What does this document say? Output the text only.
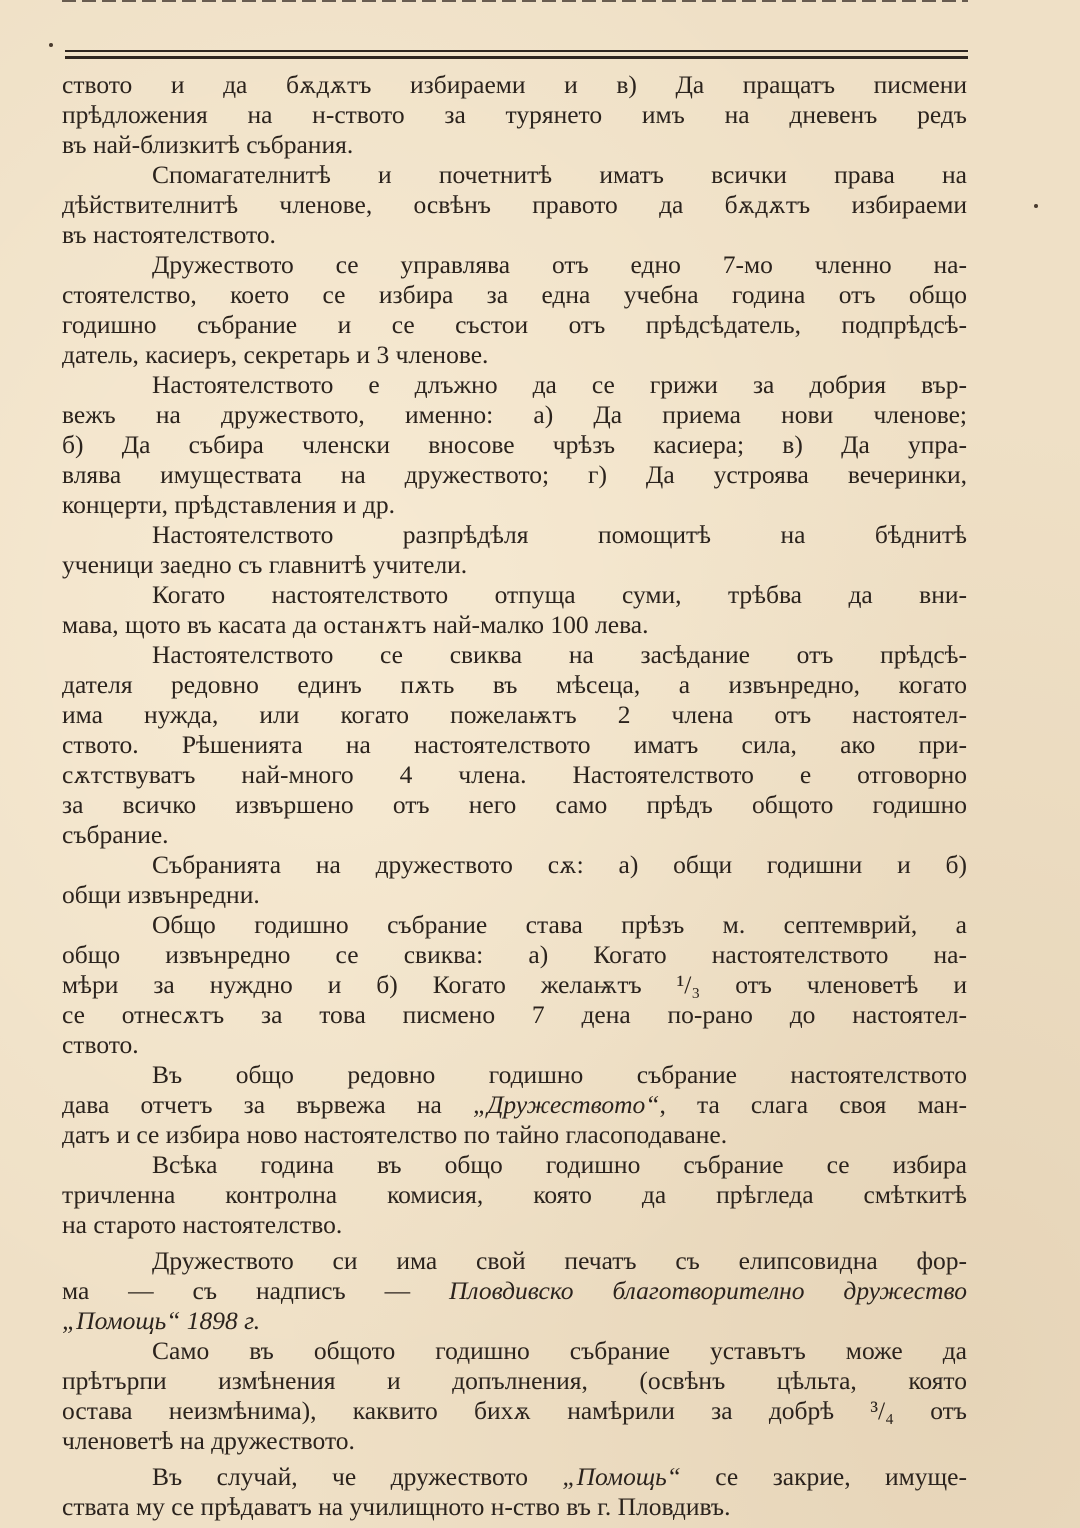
ството и да бѫдѫтъ избираеми и в) Да пращатъ писмени
прѣдложения на н-ството за турянето имъ на дневенъ редъ
въ най-близкитѣ събрания.
Спомагателнитѣ и почетнитѣ иматъ всички права на
дѣйствителнитѣ членове, освѣнъ правото да бѫдѫтъ избираеми
въ настоятелството.
Дружеството се управлява отъ едно 7-мо членно на-
стоятелство, което се избира за една учебна година отъ общо
годишно събрание и се състои отъ прѣдсѣдатель, подпрѣдсѣ-
датель, касиеръ, секретарь и 3 членове.
Настоятелството е длъжно да се грижи за добрия вър-
вежъ на дружеството, именно: а) Да приема нови членове;
б) Да събира членски вносове чрѣзъ касиера; в) Да упра-
влява имуществата на дружеството; г) Да устроява вечеринки,
концерти, прѣдставления и др.
Настоятелството разпрѣдѣля помощитѣ на бѣднитѣ
ученици заедно съ главнитѣ учители.
Когато настоятелството отпуща суми, трѣбва да вни-
мава, щото въ касата да останѫтъ най-малко 100 лева.
Настоятелството се свиква на засѣдание отъ прѣдсѣ-
дателя редовно единъ пѫть въ мѣсеца, а извънредно, когато
има нужда, или когато пожелаѭтъ 2 члена отъ настоятел-
ството. Рѣшенията на настоятелството иматъ сила, ако при-
сѫтствуватъ най-много 4 члена. Настоятелството е отговорно
за всичко извършено отъ него само прѣдъ общото годишно
събрание.
Събранията на дружеството сѫ: а) общи годишни и б)
общи извънредни.
Общо годишно събрание става прѣзъ м. септемврий, а
общо извънредно се свиква: а) Когато настоятелството на-
мѣри за нуждно и б) Когато желаѭтъ ¹/₃ отъ членоветѣ и
се отнесѫтъ за това писмено 7 дена по-рано до настоятел-
ството.
Въ общо редовно годишно събрание настоятелството
дава отчетъ за вървежа на „Дружеството“, та слага своя ман-
датъ и се избира ново настоятелство по тайно гласоподаване.
Всѣка година въ общо годишно събрание се избира
тричленна контролна комисия, която да прѣгледа смѣткитѣ
на старото настоятелство.
Дружеството си има свой печатъ съ елипсовидна фор-
ма — съ надписъ — Пловдивско благотворително дружество
„Помощь“ 1898 г.
Само въ общото годишно събрание уставътъ може да
прѣтърпи измѣнения и допълнения, (освѣнъ цѣльта, която
остава неизмѣнима), каквито бихѫ намѣрили за добрѣ ³/₄ отъ
членоветѣ на дружеството.
Въ случай, че дружеството „Помощь“ се закрие, имуще-
ствата му се прѣдаватъ на училищното н-ство въ г. Пловдивъ.
